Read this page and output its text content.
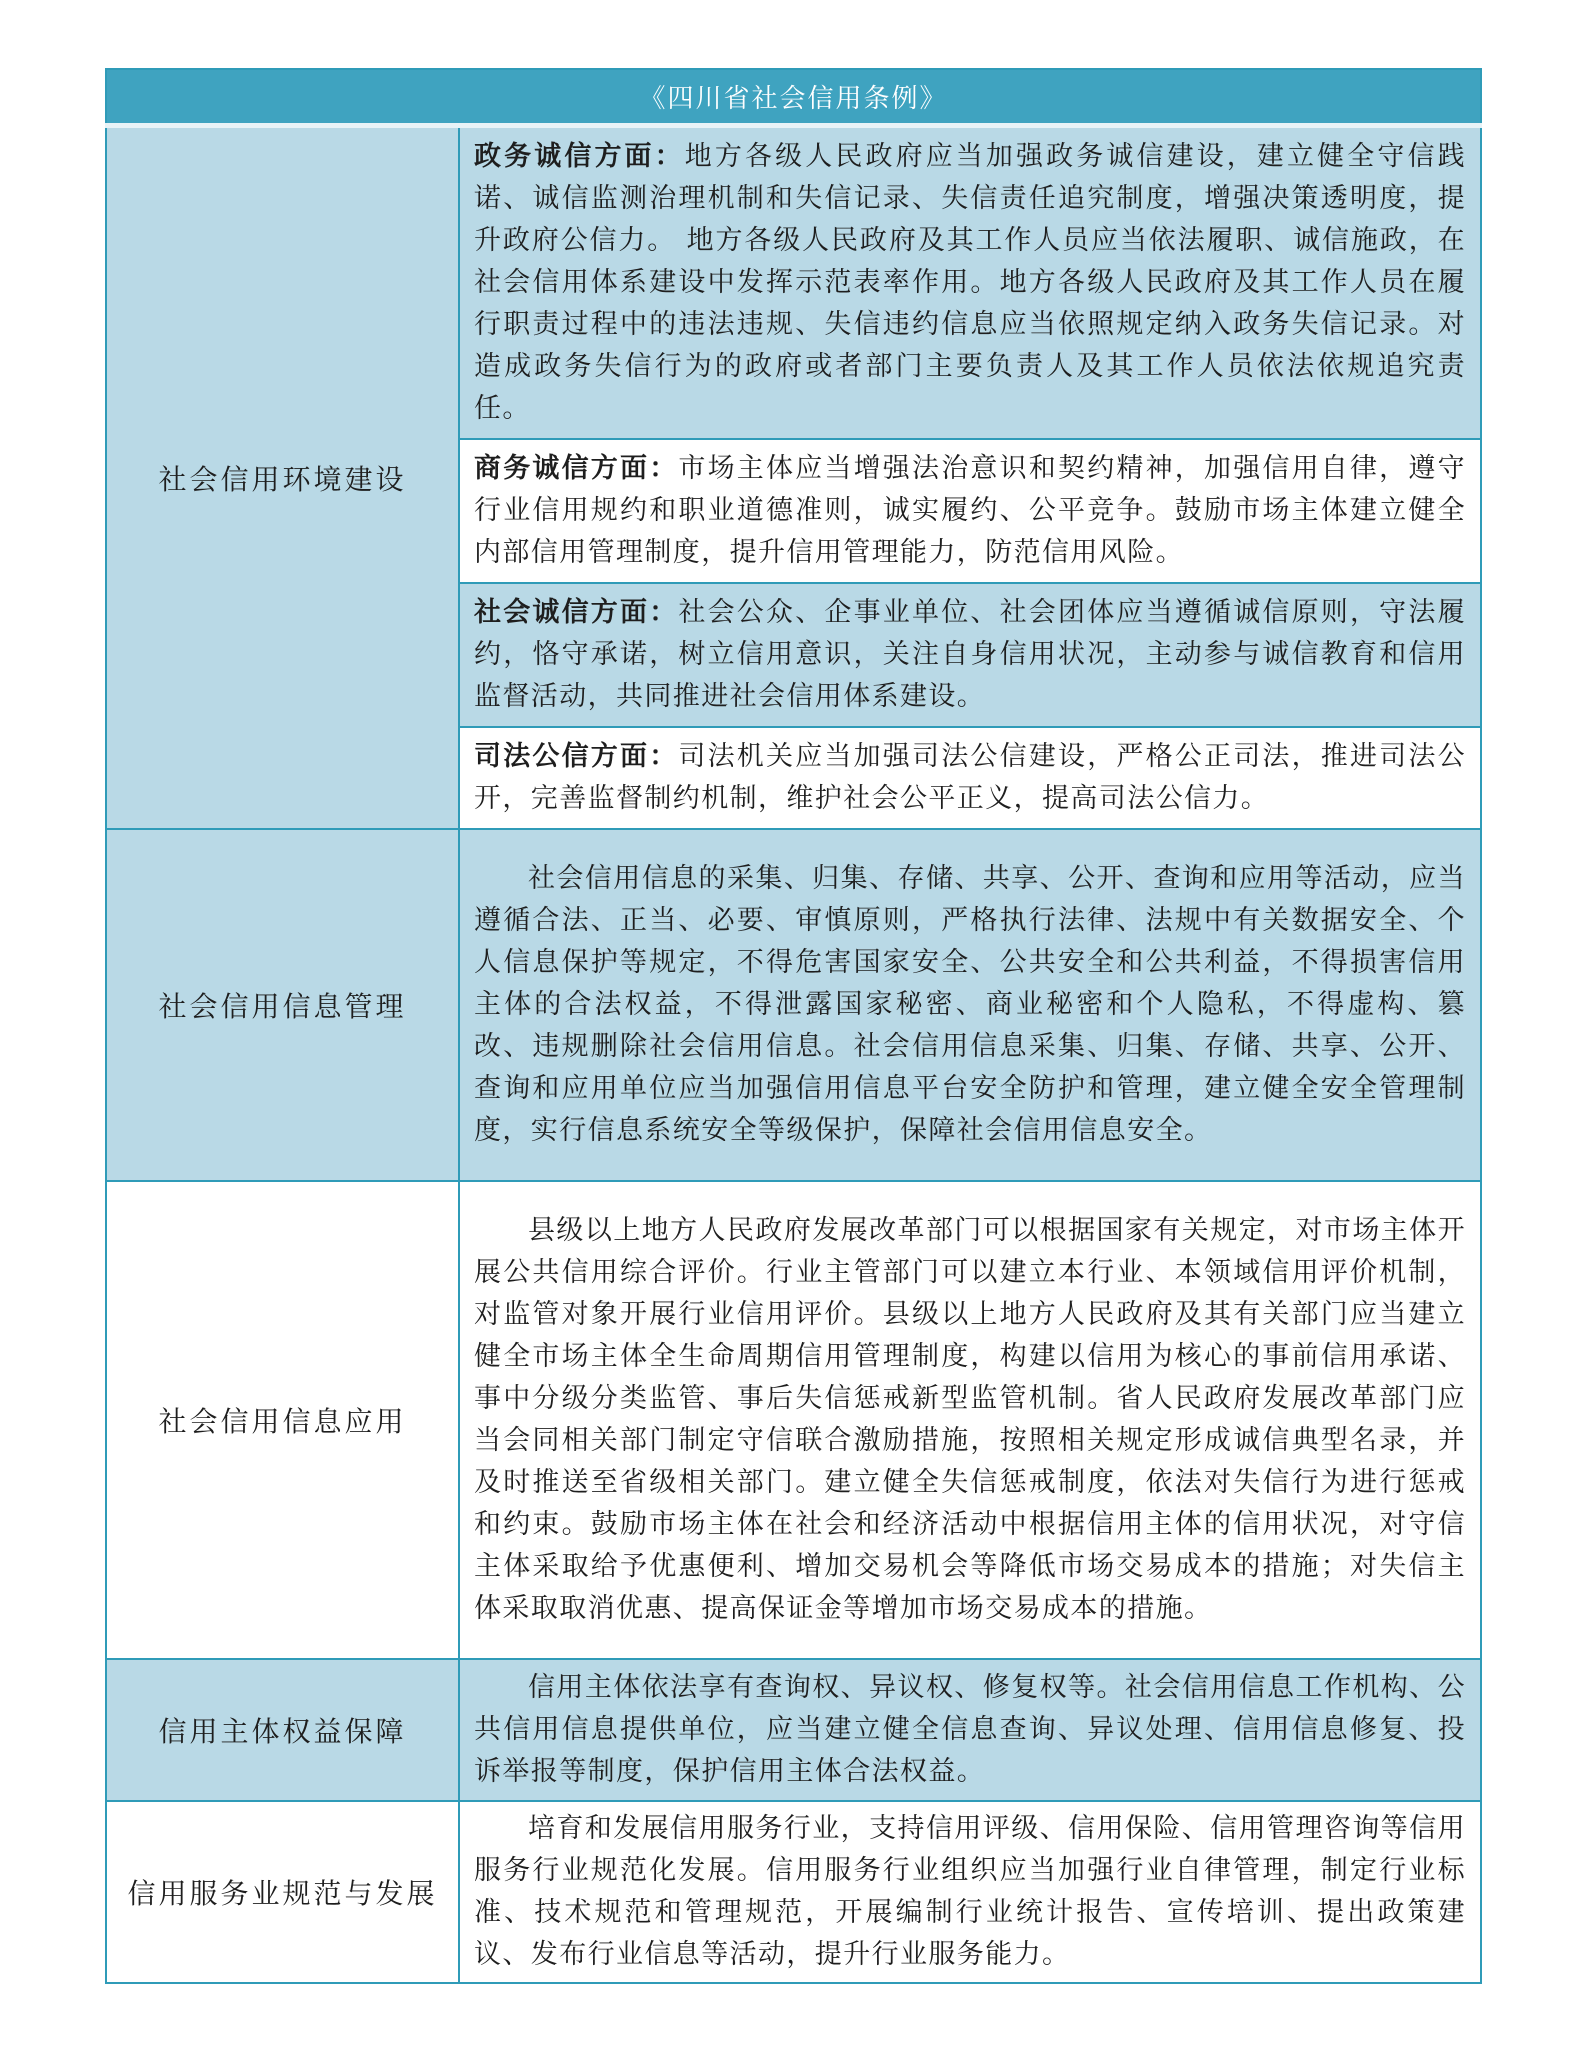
《四川省社会信用条例》	
社会信用环境建设	政务诚信方面：地方各级人民政府应当加强政务诚信建设，建立健全守信践诺、诚信监测治理机制和失信记录、失信责任追究制度，增强决策透明度，提升政府公信力。 地方各级人民政府及其工作人员应当依法履职、诚信施政，在社会信用体系建设中发挥示范表率作用。地方各级人民政府及其工作人员在履行职责过程中的违法违规、失信违约信息应当依照规定纳入政务失信记录。对造成政务失信行为的政府或者部门主要负责人及其工作人员依法依规追究责任。
	商务诚信方面：市场主体应当增强法治意识和契约精神，加强信用自律，遵守行业信用规约和职业道德准则，诚实履约、公平竞争。鼓励市场主体建立健全内部信用管理制度，提升信用管理能力，防范信用风险。
	社会诚信方面：社会公众、企事业单位、社会团体应当遵循诚信原则，守法履约，恪守承诺，树立信用意识，关注自身信用状况，主动参与诚信教育和信用监督活动，共同推进社会信用体系建设。
	司法公信方面：司法机关应当加强司法公信建设，严格公正司法，推进司法公开，完善监督制约机制，维护社会公平正义，提高司法公信力。
社会信用信息管理	社会信用信息的采集、归集、存储、共享、公开、查询和应用等活动，应当遵循合法、正当、必要、审慎原则，严格执行法律、法规中有关数据安全、个人信息保护等规定，不得危害国家安全、公共安全和公共利益，不得损害信用主体的合法权益，不得泄露国家秘密、商业秘密和个人隐私，不得虚构、篡改、违规删除社会信用信息。社会信用信息采集、归集、存储、共享、公开、查询和应用单位应当加强信用信息平台安全防护和管理，建立健全安全管理制度，实行信息系统安全等级保护，保障社会信用信息安全。
社会信用信息应用	县级以上地方人民政府发展改革部门可以根据国家有关规定，对市场主体开展公共信用综合评价。行业主管部门可以建立本行业、本领域信用评价机制，对监管对象开展行业信用评价。县级以上地方人民政府及其有关部门应当建立健全市场主体全生命周期信用管理制度，构建以信用为核心的事前信用承诺、事中分级分类监管、事后失信惩戒新型监管机制。省人民政府发展改革部门应当会同相关部门制定守信联合激励措施，按照相关规定形成诚信典型名录，并及时推送至省级相关部门。建立健全失信惩戒制度，依法对失信行为进行惩戒和约束。鼓励市场主体在社会和经济活动中根据信用主体的信用状况，对守信主体采取给予优惠便利、增加交易机会等降低市场交易成本的措施；对失信主体采取取消优惠、提高保证金等增加市场交易成本的措施。
信用主体权益保障	信用主体依法享有查询权、异议权、修复权等。社会信用信息工作机构、公共信用信息提供单位，应当建立健全信息查询、异议处理、信用信息修复、投诉举报等制度，保护信用主体合法权益。
信用服务业规范与发展	培育和发展信用服务行业，支持信用评级、信用保险、信用管理咨询等信用服务行业规范化发展。信用服务行业组织应当加强行业自律管理，制定行业标准、技术规范和管理规范，开展编制行业统计报告、宣传培训、提出政策建议、发布行业信息等活动，提升行业服务能力。
